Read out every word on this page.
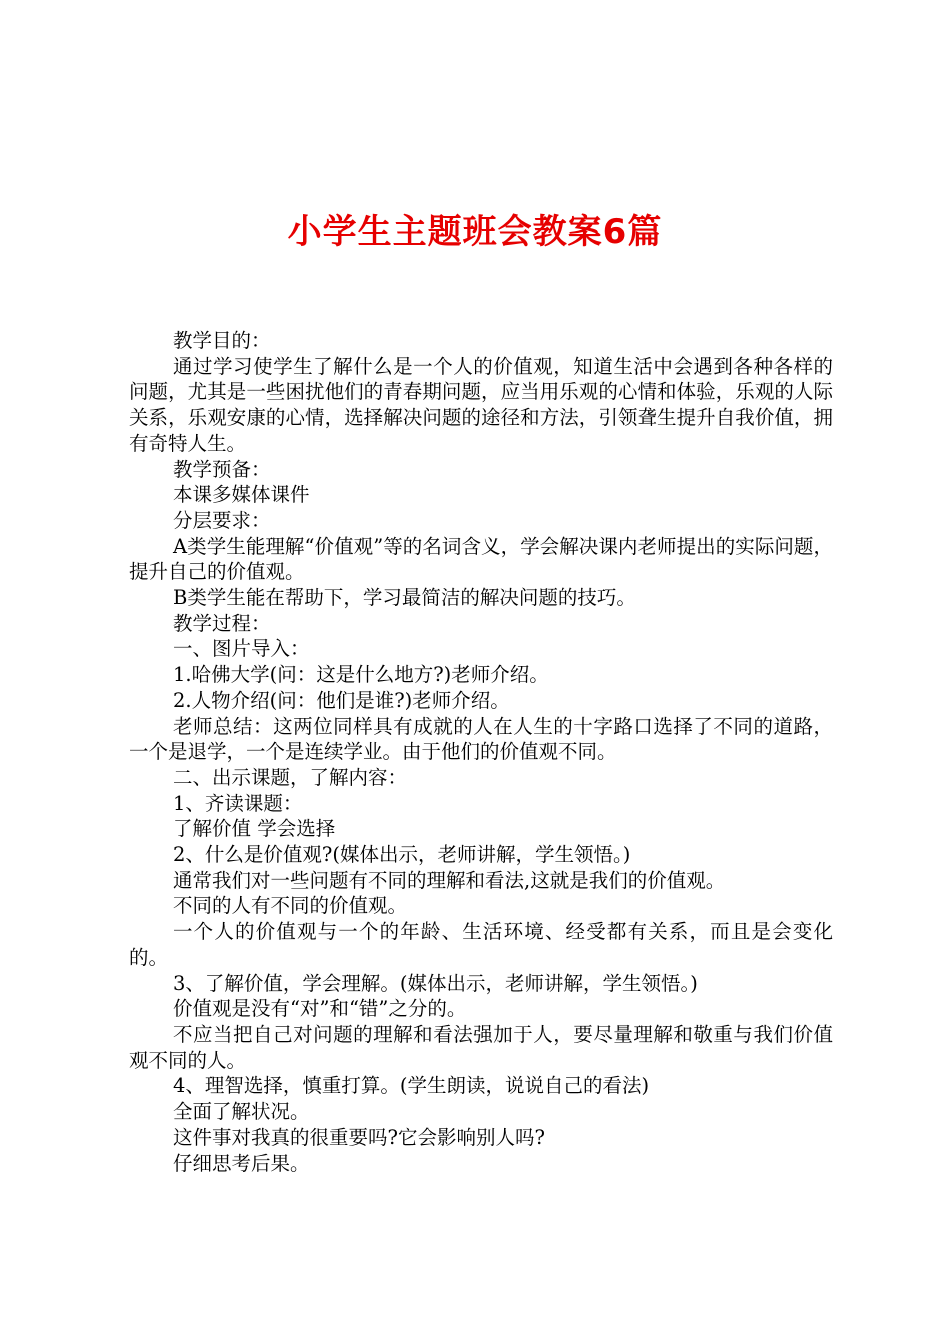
小学生主题班会教案6篇

教学目的：

通过学习使学生了解什么是一个人的价值观，知道生活中会遇到各种各样的问题，尤其是一些困扰他们的青春期问题，应当用乐观的心情和体验，乐观的人际关系，乐观安康的心情，选择解决问题的途径和方法，引领聋生提升自我价值，拥有奇特人生。

教学预备：

本课多媒体课件

分层要求：

A类学生能理解“价值观”等的名词含义，学会解决课内老师提出的实际问题，提升自己的价值观。

B类学生能在帮助下，学习最简洁的解决问题的技巧。

教学过程：

一、图片导入：

1.哈佛大学(问：这是什么地方?)老师介绍。

2.人物介绍(问：他们是谁?)老师介绍。

老师总结：这两位同样具有成就的人在人生的十字路口选择了不同的道路，一个是退学，一个是连续学业。由于他们的价值观不同。

二、出示课题，了解内容：

1、齐读课题：

了解价值 学会选择

2、什么是价值观?(媒体出示，老师讲解，学生领悟。)

通常我们对一些问题有不同的理解和看法,这就是我们的价值观。

不同的人有不同的价值观。

一个人的价值观与一个的年龄、生活环境、经受都有关系，而且是会变化的。

3、了解价值，学会理解。(媒体出示，老师讲解，学生领悟。)

价值观是没有“对”和“错”之分的。

不应当把自己对问题的理解和看法强加于人，要尽量理解和敬重与我们价值观不同的人。

4、理智选择，慎重打算。(学生朗读，说说自己的看法)

全面了解状况。

这件事对我真的很重要吗?它会影响别人吗?

仔细思考后果。
